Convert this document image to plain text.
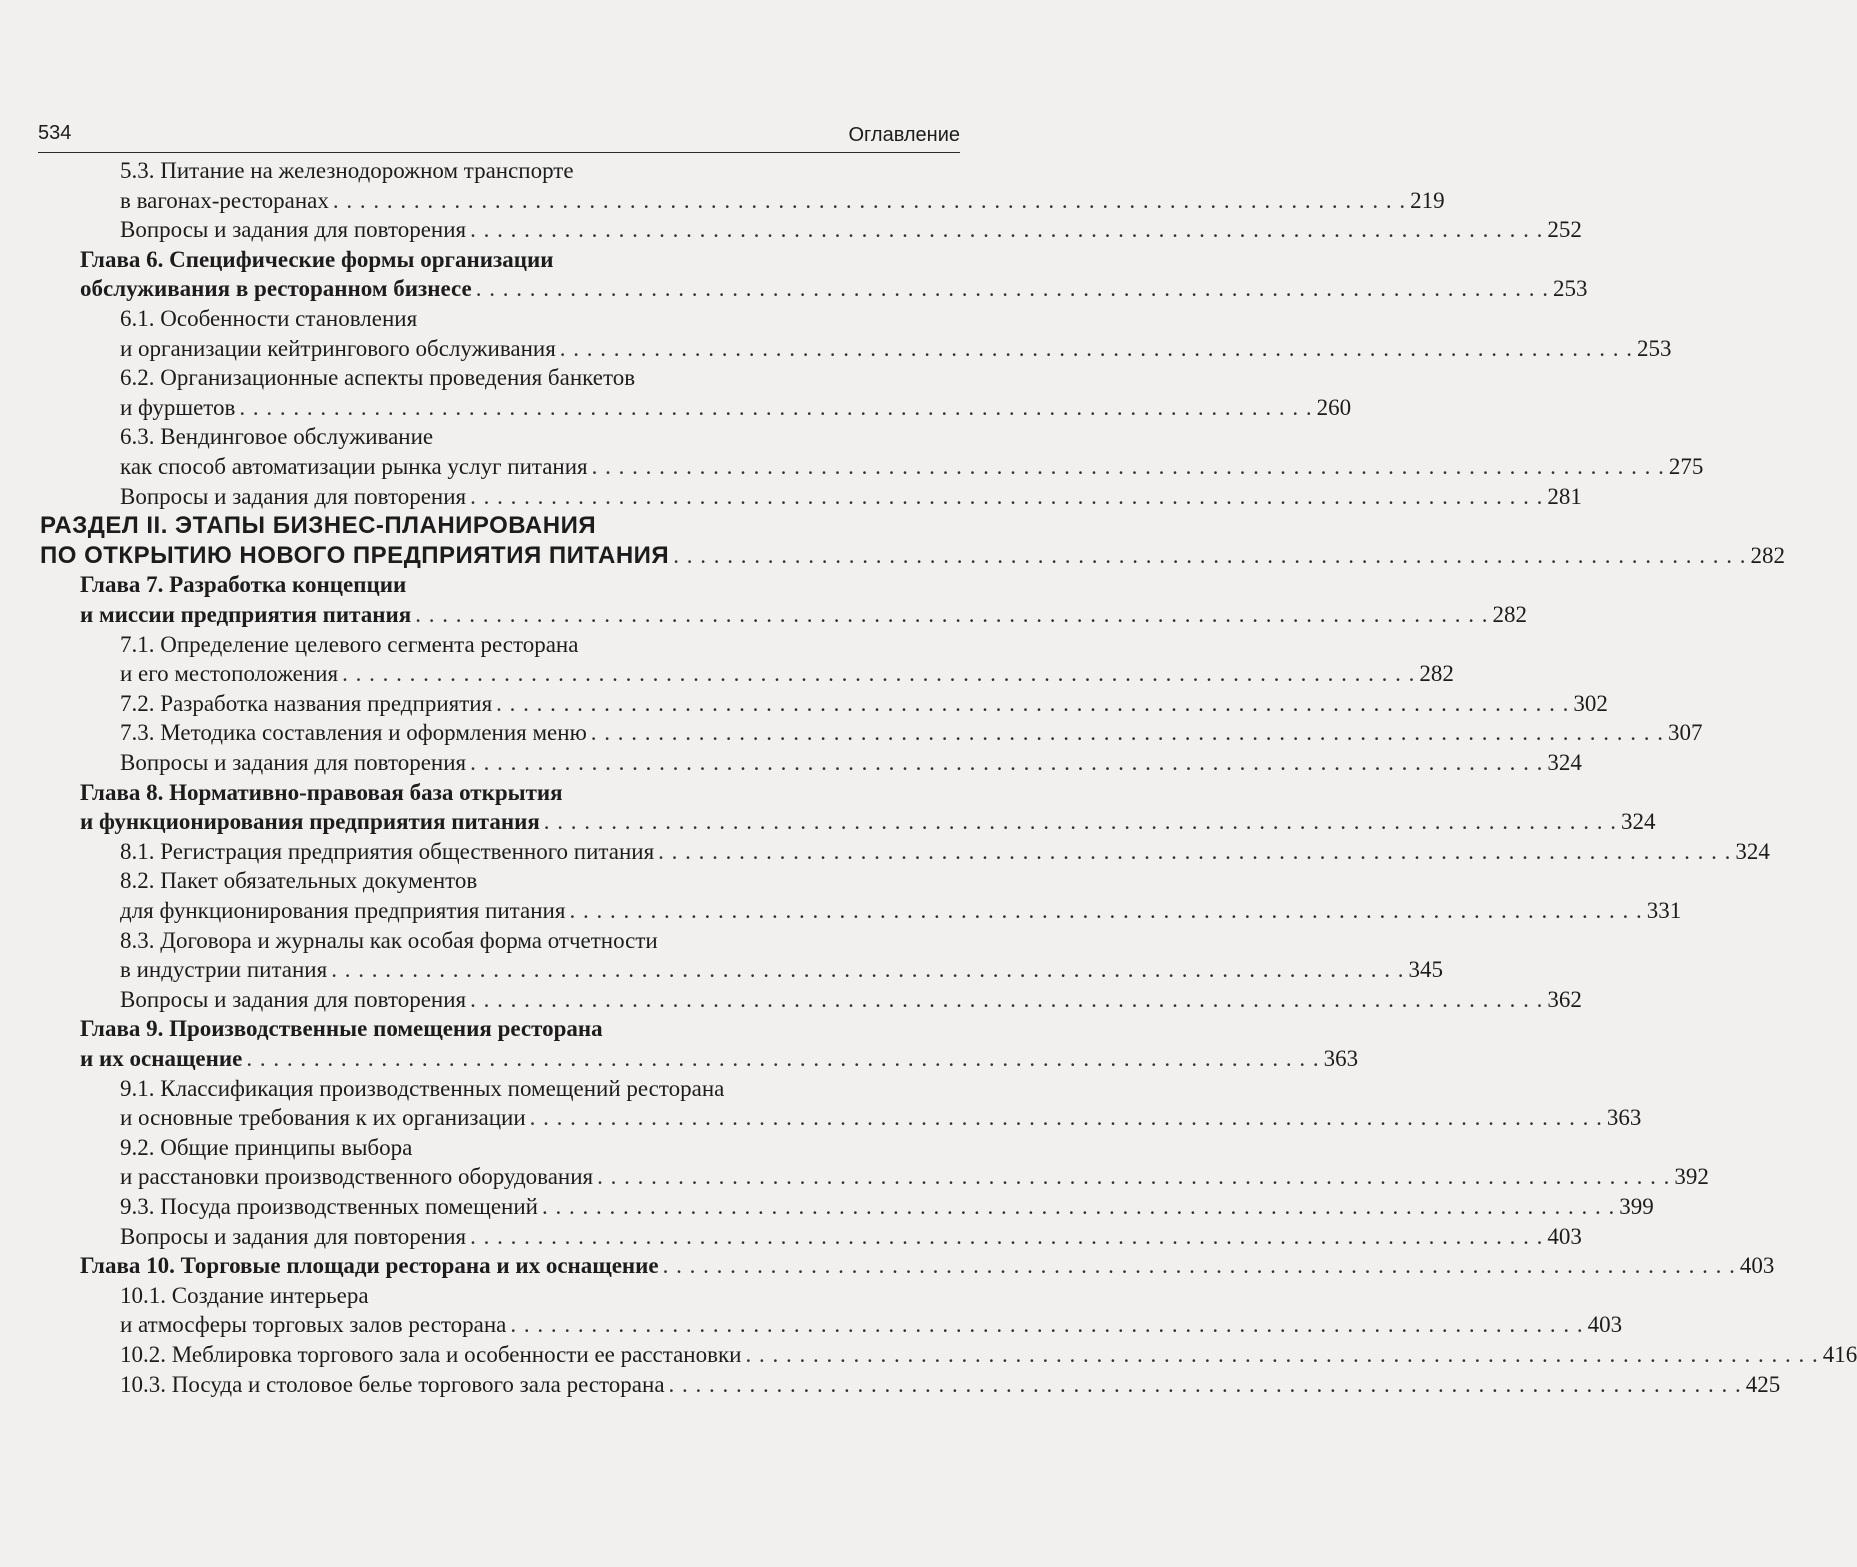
534	Оглавление
5.3. Питание на железнодорожном транспорте
в вагонах-ресторанах . . . . . . . . . . . . . . . . . . . . . . . . . . . . . . . . . . . . . . . . . . . . . . . . . . . . . . . . . . . . . . . . . . . . . . . . . . . . . . . . 219
Вопросы и задания для повторения . . . . . . . . . . . . . . . . . . . . . . . . . . . . . . . . . . . . . . . . . . . . . . . . . . . . . . . . . . . . . . . . . . . . . . . . . . . . . . . . 252
Глава 6. Специфические формы организации
обслуживания в ресторанном бизнесе . . . . . . . . . . . . . . . . . . . . . . . . . . . . . . . . . . . . . . . . . . . . . . . . . . . . . . . . . . . . . . . . . . . . . . . . . . . . . . . . 253
6.1. Особенности становления
и организации кейтрингового обслуживания . . . . . . . . . . . . . . . . . . . . . . . . . . . . . . . . . . . . . . . . . . . . . . . . . . . . . . . . . . . . . . . . . . . . . . . . . . . . . . . . 253
6.2. Организационные аспекты проведения банкетов
и фуршетов . . . . . . . . . . . . . . . . . . . . . . . . . . . . . . . . . . . . . . . . . . . . . . . . . . . . . . . . . . . . . . . . . . . . . . . . . . . . . . . . 260
6.3. Вендинговое обслуживание
как способ автоматизации рынка услуг питания . . . . . . . . . . . . . . . . . . . . . . . . . . . . . . . . . . . . . . . . . . . . . . . . . . . . . . . . . . . . . . . . . . . . . . . . . . . . . . . . 275
Вопросы и задания для повторения . . . . . . . . . . . . . . . . . . . . . . . . . . . . . . . . . . . . . . . . . . . . . . . . . . . . . . . . . . . . . . . . . . . . . . . . . . . . . . . . 281
РАЗДЕЛ II. ЭТАПЫ БИЗНЕС-ПЛАНИРОВАНИЯ
ПО ОТКРЫТИЮ НОВОГО ПРЕДПРИЯТИЯ ПИТАНИЯ . . . . . . . . . . . . . . . . . . . . . . . . . . . . . . . . . . . . . . . . . . . . . . . . . . . . . . . . . . . . . . . . . . . . . . . . . . . . . . . . 282
Глава 7. Разработка концепции
и миссии предприятия питания . . . . . . . . . . . . . . . . . . . . . . . . . . . . . . . . . . . . . . . . . . . . . . . . . . . . . . . . . . . . . . . . . . . . . . . . . . . . . . . . 282
7.1. Определение целевого сегмента ресторана
и его местоположения . . . . . . . . . . . . . . . . . . . . . . . . . . . . . . . . . . . . . . . . . . . . . . . . . . . . . . . . . . . . . . . . . . . . . . . . . . . . . . . . 282
7.2. Разработка названия предприятия . . . . . . . . . . . . . . . . . . . . . . . . . . . . . . . . . . . . . . . . . . . . . . . . . . . . . . . . . . . . . . . . . . . . . . . . . . . . . . . . 302
7.3. Методика составления и оформления меню . . . . . . . . . . . . . . . . . . . . . . . . . . . . . . . . . . . . . . . . . . . . . . . . . . . . . . . . . . . . . . . . . . . . . . . . . . . . . . . . 307
Вопросы и задания для повторения . . . . . . . . . . . . . . . . . . . . . . . . . . . . . . . . . . . . . . . . . . . . . . . . . . . . . . . . . . . . . . . . . . . . . . . . . . . . . . . . 324
Глава 8. Нормативно-правовая база открытия
и функционирования предприятия питания . . . . . . . . . . . . . . . . . . . . . . . . . . . . . . . . . . . . . . . . . . . . . . . . . . . . . . . . . . . . . . . . . . . . . . . . . . . . . . . . 324
8.1. Регистрация предприятия общественного питания . . . . . . . . . . . . . . . . . . . . . . . . . . . . . . . . . . . . . . . . . . . . . . . . . . . . . . . . . . . . . . . . . . . . . . . . . . . . . . . . 324
8.2. Пакет обязательных документов
для функционирования предприятия питания . . . . . . . . . . . . . . . . . . . . . . . . . . . . . . . . . . . . . . . . . . . . . . . . . . . . . . . . . . . . . . . . . . . . . . . . . . . . . . . . 331
8.3. Договора и журналы как особая форма отчетности
в индустрии питания . . . . . . . . . . . . . . . . . . . . . . . . . . . . . . . . . . . . . . . . . . . . . . . . . . . . . . . . . . . . . . . . . . . . . . . . . . . . . . . . 345
Вопросы и задания для повторения . . . . . . . . . . . . . . . . . . . . . . . . . . . . . . . . . . . . . . . . . . . . . . . . . . . . . . . . . . . . . . . . . . . . . . . . . . . . . . . . 362
Глава 9. Производственные помещения ресторана
и их оснащение . . . . . . . . . . . . . . . . . . . . . . . . . . . . . . . . . . . . . . . . . . . . . . . . . . . . . . . . . . . . . . . . . . . . . . . . . . . . . . . . 363
9.1. Классификация производственных помещений ресторана
и основные требования к их организации . . . . . . . . . . . . . . . . . . . . . . . . . . . . . . . . . . . . . . . . . . . . . . . . . . . . . . . . . . . . . . . . . . . . . . . . . . . . . . . . 363
9.2. Общие принципы выбора
и расстановки производственного оборудования . . . . . . . . . . . . . . . . . . . . . . . . . . . . . . . . . . . . . . . . . . . . . . . . . . . . . . . . . . . . . . . . . . . . . . . . . . . . . . . . 392
9.3. Посуда производственных помещений . . . . . . . . . . . . . . . . . . . . . . . . . . . . . . . . . . . . . . . . . . . . . . . . . . . . . . . . . . . . . . . . . . . . . . . . . . . . . . . . 399
Вопросы и задания для повторения . . . . . . . . . . . . . . . . . . . . . . . . . . . . . . . . . . . . . . . . . . . . . . . . . . . . . . . . . . . . . . . . . . . . . . . . . . . . . . . . 403
Глава 10. Торговые площади ресторана и их оснащение . . . . . . . . . . . . . . . . . . . . . . . . . . . . . . . . . . . . . . . . . . . . . . . . . . . . . . . . . . . . . . . . . . . . . . . . . . . . . . . . 403
10.1. Создание интерьера
и атмосферы торговых залов ресторана . . . . . . . . . . . . . . . . . . . . . . . . . . . . . . . . . . . . . . . . . . . . . . . . . . . . . . . . . . . . . . . . . . . . . . . . . . . . . . . . 403
10.2. Меблировка торгового зала и особенности ее расстановки . . . . . . . . . . . . . . . . . . . . . . . . . . . . . . . . . . . . . . . . . . . . . . . . . . . . . . . . . . . . . . . . . . . . . . . . . . . . . . . . 416
10.3. Посуда и столовое белье торгового зала ресторана . . . . . . . . . . . . . . . . . . . . . . . . . . . . . . . . . . . . . . . . . . . . . . . . . . . . . . . . . . . . . . . . . . . . . . . . . . . . . . . . 425
